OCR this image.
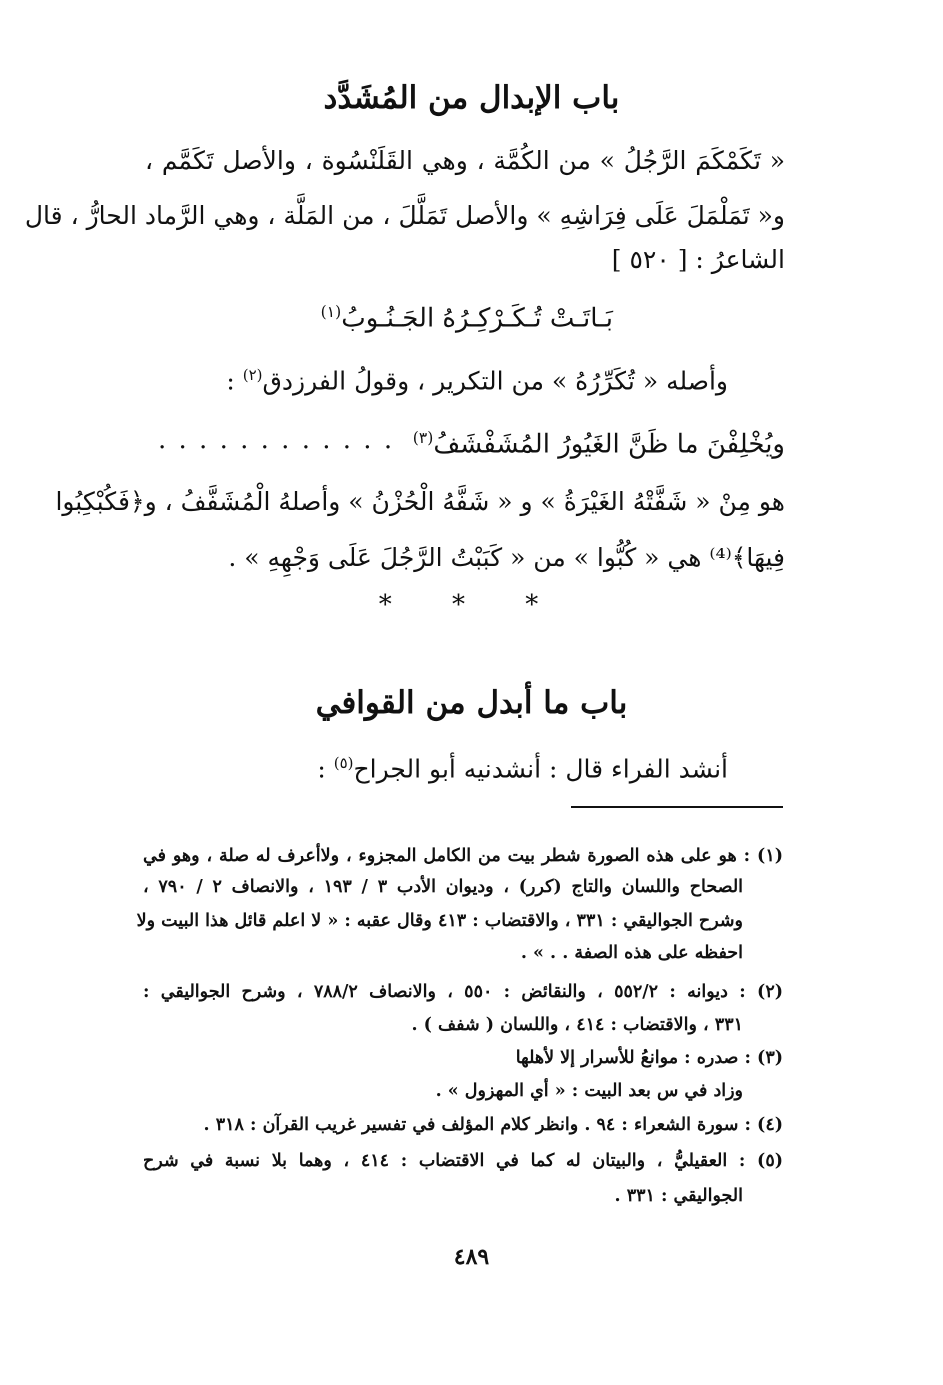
باب الإبدال من المُشَدَّد
« تَكَمْكَمَ الرَّجُلُ » من الكُمَّة ، وهي القَلَنْسُوة ، والأصل تَكَمَّم ،
و« تَمَلْمَلَ عَلَى فِرَاشِهِ » والأصل تَمَلَّلَ ، من المَلَّة ، وهي الرَّماد الحارُّ ، قال
الشاعرُ : [ ٥٢٠ ]
بَـاتَـتْ تُـكَـرْكِـرُهُ الجَـنُـوبُ$^{(١)}$
وأصله « تُكَرِّرُهُ » من التكرير ، وقولُ الفرزدق$^{(٢)}$ :
ويُخْلِفْنَ ما ظَنَّ الغَيُورُ المُشَفْشَفُ$^{(٣)}$
. . . . . . . . . . . .
هو مِنْ « شَفَّتْهُ الغَيْرَةُ » و « شَفَّهُ الْحُزْنُ » وأصلهُ الْمُشَفَّفُ ، و﴿فَكُبْكِبُوا
فِيهَا﴾⁽⁴⁾ هي « كُبُّوا » من « كَبَبْتُ الرَّجُلَ عَلَى وَجْهِهِ » .
* * *
باب ما أبدل من القوافي
أنشد الفراء قال : أنشدنيه أبو الجراح$^{(٥)}$ :
(١) : هو على هذه الصورة شطر بيت من الكامل المجزوء ، ولاأعرف له صلة ، وهو في
الصحاح واللسان والتاج (كرر) ، وديوان الأدب ٣ / ١٩٣ ، والانصاف ٢ / ٧٩٠ ،
وشرح الجواليقي : ٣٣١ ، والاقتضاب : ٤١٣ وقال عقبه : « لا اعلم قائل هذا البيت ولا
احفظه على هذه الصفة . . » .
(٢) : ديوانه : ٥٥٢/٢ ، والنقائض : ٥٥٠ ، والانصاف ٧٨٨/٢ ، وشرح الجواليقي :
٣٣١ ، والاقتضاب : ٤١٤ ، واللسان ( شفف ) .
(٣) : صدره : موانعُ للأسرار إلا لأهلها
وزاد في س بعد البيت : « أي المهزول » .
(٤) : سورة الشعراء : ٩٤ . وانظر كلام المؤلف في تفسير غريب القرآن : ٣١٨ .
(٥) : العقيليُّ ، والبيتان له كما في الاقتضاب : ٤١٤ ، وهما بلا نسبة في شرح
الجواليقي : ٣٣١ .
٤٨٩
